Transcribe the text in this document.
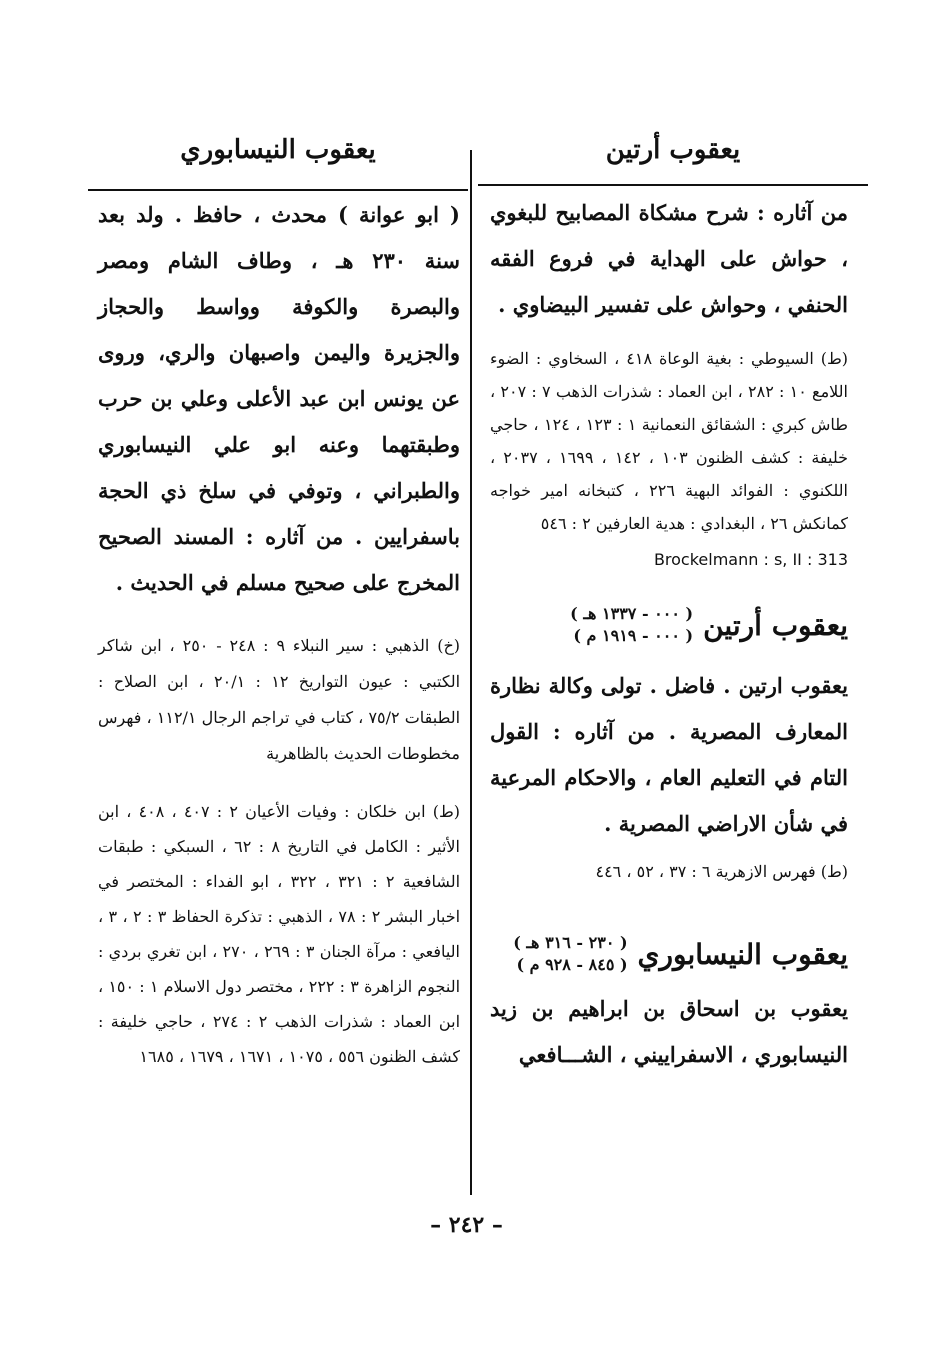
يعقوب أرتين
يعقوب النيسابوري

من آثاره : شرح مشكاة المصابيح للبغوي ، حواش على الهداية في فروع الفقه الحنفي ، وحواش على تفسير البيضاوي .

(ط) السيوطي : بغية الوعاة ٤١٨ ، السخاوي : الضوء اللامع ١٠ : ٢٨٢ ، ابن العماد : شذرات الذهب ٧ : ٢٠٧ ، طاش كبري : الشقائق النعمانية ١ : ١٢٣ ، ١٢٤ ، حاجي خليفة : كشف الظنون ١٠٣ ، ١٤٢ ، ١٦٩٩ ، ٢٠٣٧ ، اللكنوي : الفوائد البهية ٢٢٦ ، كتبخانه امير خواجه كمانكش ٢٦ ، البغدادي : هدية العارفين ٢ : ٥٤٦

Brockelmann : s, II : 313

يعقوب أرتين
( ٠٠٠ - ١٣٣٧ هـ )
( ٠٠٠ - ١٩١٩ م )

يعقوب ارتين . فاضل . تولى وكالة نظارة المعارف المصرية . من آثاره : القول التام في التعليم العام ، والاحكام المرعية في شأن الاراضي المصرية .

(ط) فهرس الازهرية ٦ : ٣٧ ، ٥٢ ، ٤٤٦

يعقوب النيسابوري
( ٢٣٠ - ٣١٦ هـ )
( ٨٤٥ - ٩٢٨ م )

يعقوب بن اسحاق بن ابراهيم بن زيد النيسابوري ، الاسفراييني ، الشـــافعي

( ابو عوانة ) محدث ، حافظ . ولد بعد سنة ٢٣٠ هـ ، وطاف الشام ومصر والبصرة والكوفة وواسط والحجاز والجزيرة واليمن واصبهان والري، وروى عن يونس ابن عبد الأعلى وعلي بن حرب وطبقتهما وعنه ابو علي النيسابوري والطبراني ، وتوفي في سلخ ذي الحجة باسفرايين . من آثاره : المسند الصحيح المخرج على صحيح مسلم في الحديث .

(خ) الذهبي : سير النبلاء ٩ : ٢٤٨ - ٢٥٠ ، ابن شاكر الكتبي : عيون التواريخ ١٢ : ٢٠/١ ، ابن الصلاح : الطبقات ٧٥/٢ ، كتاب في تراجم الرجال ١١٢/١ ، فهرس مخطوطات الحديث بالظاهرية

(ط) ابن خلكان : وفيات الأعيان ٢ : ٤٠٧ ، ٤٠٨ ، ابن الأثير : الكامل في التاريخ ٨ : ٦٢ ، السبكي : طبقات الشافعية ٢ : ٣٢١ ، ٣٢٢ ، ابو الفداء : المختصر في اخبار البشر ٢ : ٧٨ ، الذهبي : تذكرة الحفاظ ٣ : ٢ ، ٣ ، اليافعي : مرآة الجنان ٣ : ٢٦٩ ، ٢٧٠ ، ابن تغري بردي : النجوم الزاهرة ٣ : ٢٢٢ ، مختصر دول الاسلام ١ : ١٥٠ ، ابن العماد : شذرات الذهب ٢ : ٢٧٤ ، حاجي خليفة : كشف الظنون ٥٥٦ ، ١٠٧٥ ، ١٦٧١ ، ١٦٧٩ ، ١٦٨٥

– ٢٤٢ –
